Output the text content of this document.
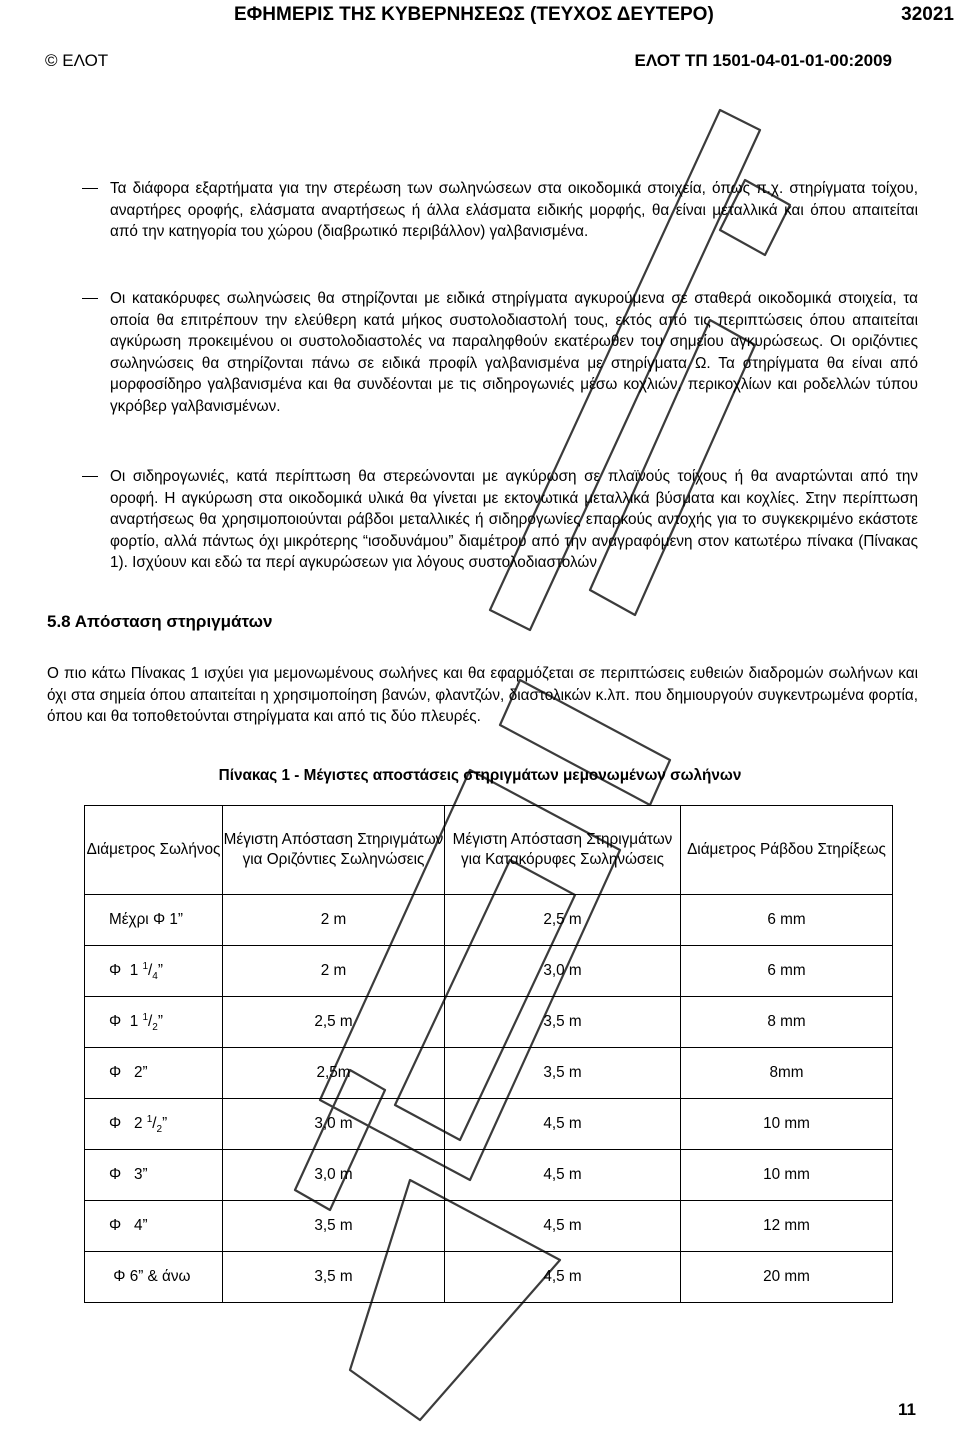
ΕΦΗΜΕΡΙΣ ΤΗΣ ΚΥΒΕΡΝΗΣΕΩΣ (ΤΕΥΧΟΣ ΔΕΥΤΕΡΟ)	32021
© ΕΛΟΤ	ΕΛΟΤ ΤΠ 1501-04-01-01-00:2009
Τα διάφορα εξαρτήματα για την στερέωση των σωληνώσεων στα οικοδομικά στοιχεία, όπως π.χ. στηρίγματα τοίχου, αναρτήρες οροφής, ελάσματα αναρτήσεως ή άλλα ελάσματα ειδικής μορφής, θα είναι μεταλλικά και όπου απαιτείται από την κατηγορία του χώρου (διαβρωτικό περιβάλλον) γαλβανισμένα.
Οι κατακόρυφες σωληνώσεις θα στηρίζονται με ειδικά στηρίγματα αγκυρούμενα σε σταθερά οικοδομικά στοιχεία, τα οποία θα επιτρέπουν την ελεύθερη κατά μήκος συστολοδιαστολή τους, εκτός από τις περιπτώσεις όπου απαιτείται αγκύρωση προκειμένου οι συστολοδιαστολές να παραληφθούν εκατέρωθεν του σημείου αγκυρώσεως. Οι οριζόντιες σωληνώσεις θα στηρίζονται πάνω σε ειδικά προφίλ γαλβανισμένα με στηρίγματα Ω. Τα στηρίγματα θα είναι από μορφοσίδηρο γαλβανισμένα και θα συνδέονται με τις σιδηρογωνιές μέσω κοχλιών, περικοχλίων και ροδελλών τύπου γκρόβερ γαλβανισμένων.
Οι σιδηρογωνιές, κατά περίπτωση θα στερεώνονται με αγκύρωση σε πλαϊνούς τοίχους ή θα αναρτώνται από την οροφή. Η αγκύρωση στα οικοδομικά υλικά θα γίνεται με εκτονωτικά μεταλλικά βύσματα και κοχλίες. Στην περίπτωση αναρτήσεως θα χρησιμοποιούνται ράβδοι μεταλλικές ή σιδηρογωνίες επαρκούς αντοχής για το συγκεκριμένο εκάστοτε φορτίο, αλλά πάντως όχι μικρότερης “ισοδυνάμου” διαμέτρου από την αναγραφόμενη στον κατωτέρω πίνακα (Πίνακας 1). Ισχύουν και εδώ τα περί αγκυρώσεων για λόγους συστολοδιαστολών
5.8 Απόσταση στηριγμάτων
Ο πιο κάτω Πίνακας 1 ισχύει για μεμονωμένους σωλήνες και θα εφαρμόζεται σε περιπτώσεις ευθειών διαδρομών σωλήνων και όχι στα σημεία όπου απαιτείται η χρησιμοποίηση βανών, φλαντζών, διαστολικών κ.λπ. που δημιουργούν συγκεντρωμένα φορτία, όπου και θα τοποθετούνται στηρίγματα και από τις δύο πλευρές.
Πίνακας 1 - Μέγιστες αποστάσεις στηριγμάτων μεμονωμένων σωλήνων
Διάμετρος Σωλήνος	Μέγιστη Απόσταση Στηριγμάτων για Οριζόντιες Σωληνώσεις	Μέγιστη Απόσταση Στηριγμάτων για Κατακόρυφες Σωληνώσεις	Διάμετρος Ράβδου Στηρίξεως
Μέχρι Φ 1”	2 m	2,5 m	6 mm
Φ  1 $^1/_4$”	2 m	3,0 m	6 mm
Φ  1 $^1/_2$”	2,5 m	3,5 m	8 mm
Φ   2”	2,5m	3,5 m	8mm
Φ   2 $^1/_2$”	3,0 m	4,5 m	10 mm
Φ   3”	3,0 m	4,5 m	10 mm
Φ   4”	3,5 m	4,5 m	12 mm
Φ 6” & άνω	3,5 m	4,5 m	20 mm
11
